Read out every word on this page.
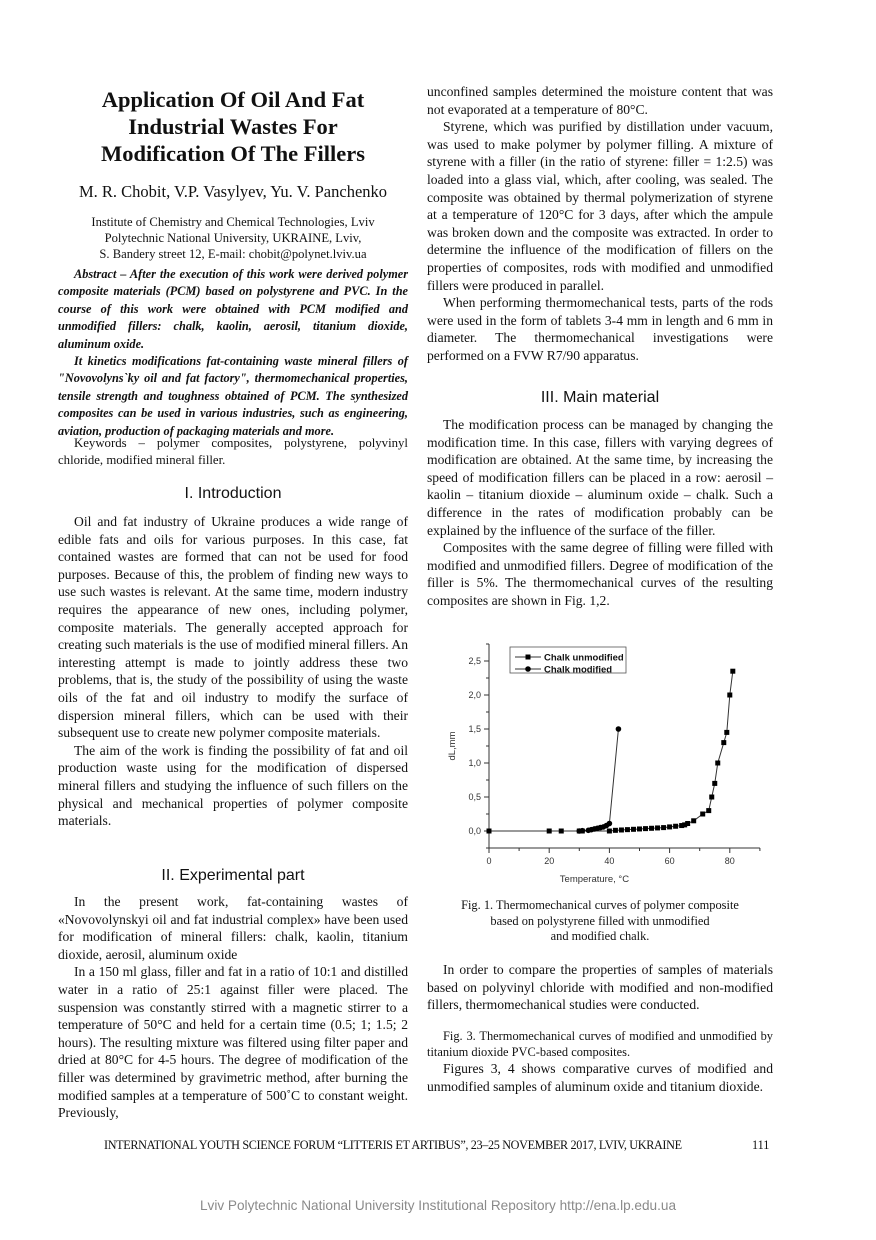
Application Of Oil And Fat
Industrial Wastes For
Modification Of The Fillers
M. R. Chobit, V.P. Vasylyev, Yu. V. Panchenko
Institute of Chemistry and Chemical Technologies, Lviv
Polytechnic National University, UKRAINE, Lviv,
S. Bandery street 12, E-mail: chobit@polynet.lviv.ua

Abstract – After the execution of this work were derived polymer composite materials (PCM) based on polystyrene and PVC. In the course of this work were obtained with PCM modified and unmodified fillers: chalk, kaolin, aerosil, titanium dioxide, aluminum oxide.

It kinetics modifications fat-containing waste mineral fillers of "Novovolyns`ky oil and fat factory", thermomechanical properties, tensile strength and toughness obtained of PCM. The synthesized composites can be used in various industries, such as engineering, aviation, production of packaging materials and more.

Keywords – polymer composites, polystyrene, polyvinyl chloride, modified mineral filler.

I. Introduction

Oil and fat industry of Ukraine produces a wide range of edible fats and oils for various purposes. In this case, fat contained wastes are formed that can not be used for food purposes. Because of this, the problem of finding new ways to use such wastes is relevant. At the same time, modern industry requires the appearance of new ones, including polymer, composite materials. The generally accepted approach for creating such materials is the use of modified mineral fillers. An interesting attempt is made to jointly address these two problems, that is, the study of the possibility of using the waste oils of the fat and oil industry to modify the surface of dispersion mineral fillers, which can be used with their subsequent use to create new polymer composite materials.

The aim of the work is finding the possibility of fat and oil production waste using for the modification of dispersed mineral fillers and studying the influence of such fillers on the physical and mechanical properties of polymer composite materials.

II. Experimental part

In the present work, fat-containing wastes of «Novovolynskyi oil and fat industrial complex» have been used for modification of mineral fillers: chalk, kaolin, titanium dioxide, aerosil, aluminum oxide

In a 150 ml glass, filler and fat in a ratio of 10:1 and distilled water in a ratio of 25:1 against filler were placed. The suspension was constantly stirred with a magnetic stirrer to a temperature of 50°C and held for a certain time (0.5; 1; 1.5; 2 hours). The resulting mixture was filtered using filter paper and dried at 80°C for 4-5 hours. The degree of modification of the filler was determined by gravimetric method, after burning the modified samples at a temperature of 500˚C to constant weight. Previously,

unconfined samples determined the moisture content that was not evaporated at a temperature of 80°C.

Styrene, which was purified by distillation under vacuum, was used to make polymer by polymer filling. A mixture of styrene with a filler (in the ratio of styrene: filler = 1:2.5) was loaded into a glass vial, which, after cooling, was sealed. The composite was obtained by thermal polymerization of styrene at a temperature of 120°C for 3 days, after which the ampule was broken down and the composite was extracted. In order to determine the influence of the modification of fillers on the properties of composites, rods with modified and unmodified fillers were produced in parallel.

When performing thermomechanical tests, parts of the rods were used in the form of tablets 3-4 mm in length and 6 mm in diameter. The thermomechanical investigations were performed on a FVW R7/90 apparatus.

III. Main material

The modification process can be managed by changing the modification time. In this case, fillers with varying degrees of modification are obtained. At the same time, by increasing the speed of modification fillers can be placed in a row: aerosil – kaolin – titanium dioxide – aluminum oxide – chalk. Such a difference in the rates of modification probably can be explained by the influence of the surface of the filler.

Composites with the same degree of filling were filled with modified and unmodified fillers. Degree of modification of the filler is 5%. The thermomechanical curves of the resulting composites are shown in Fig. 1,2.

0	20	40	60	80
0,0
0,5
1,0
1,5
2,0
2,5
Temperature, °C
dL,mm
Chalk unmodified
Chalk modified
Fig. 1. Thermomechanical curves of polymer composite
based on polystyrene filled with unmodified
and modified chalk.

In order to compare the properties of samples of materials based on polyvinyl chloride with modified and non-modified fillers, thermomechanical studies were conducted.

Fig. 3. Thermomechanical curves of modified and unmodified by titanium dioxide PVC-based composites.

Figures 3, 4 shows comparative curves of modified and unmodified samples of aluminum oxide and titanium dioxide.

INTERNATIONAL YOUTH SCIENCE FORUM “LITTERIS ET ARTIBUS”, 23–25 NOVEMBER 2017, LVIV, UKRAINE	111
Lviv Polytechnic National University Institutional Repository http://ena.lp.edu.ua
